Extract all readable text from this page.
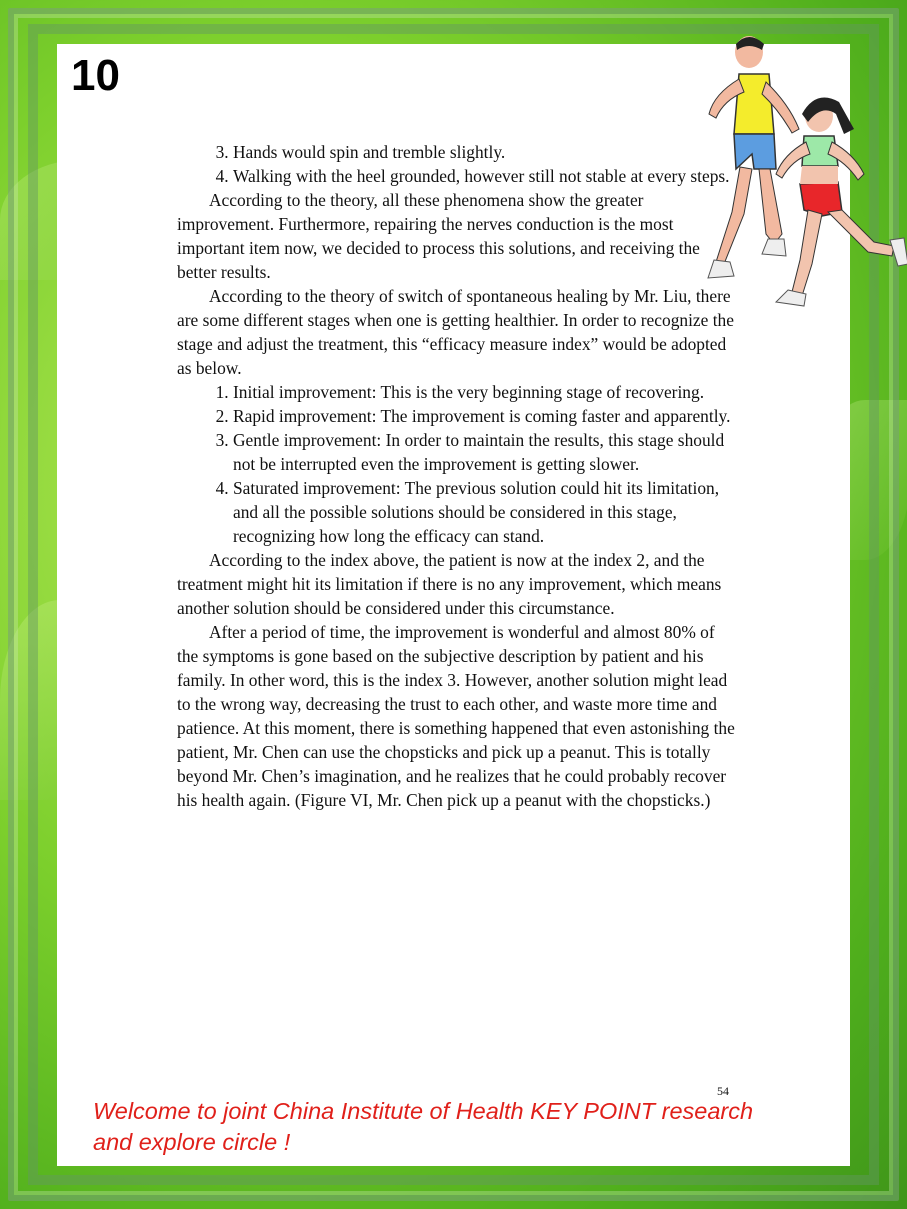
10
3. Hands would spin and tremble slightly.
4. Walking with the heel grounded, however still not stable at every steps.

According to the theory, all these phenomena show the greater improvement. Furthermore, repairing the nerves conduction is the most important item now, we decided to process this solutions, and receiving the better results.

According to the theory of switch of spontaneous healing by Mr. Liu, there are some different stages when one is getting healthier. In order to recognize the stage and adjust the treatment, this “efficacy measure index” would be adopted as below.

1. Initial improvement: This is the very beginning stage of recovering.
2. Rapid improvement: The improvement is coming faster and apparently.
3. Gentle improvement: In order to maintain the results, this stage should not be interrupted even the improvement is getting slower.
4. Saturated improvement: The previous solution could hit its limitation, and all the possible solutions should be considered in this stage, recognizing how long the efficacy can stand.

According to the index above, the patient is now at the index 2, and the treatment might hit its limitation if there is no any improvement, which means another solution should be considered under this circumstance.

After a period of time, the improvement is wonderful and almost 80% of the symptoms is gone based on the subjective description by patient and his family. In other word, this is the index 3. However, another solution might lead to the wrong way, decreasing the trust to each other, and waste more time and patience. At this moment, there is something happened that even astonishing the patient, Mr. Chen can use the chopsticks and pick up a peanut. This is totally beyond Mr. Chen’s imagination, and he realizes that he could probably recover his health again. (Figure VI, Mr. Chen pick up a peanut with the chopsticks.)

54
Welcome to joint China Institute of Health KEY POINT research
and explore circle !
